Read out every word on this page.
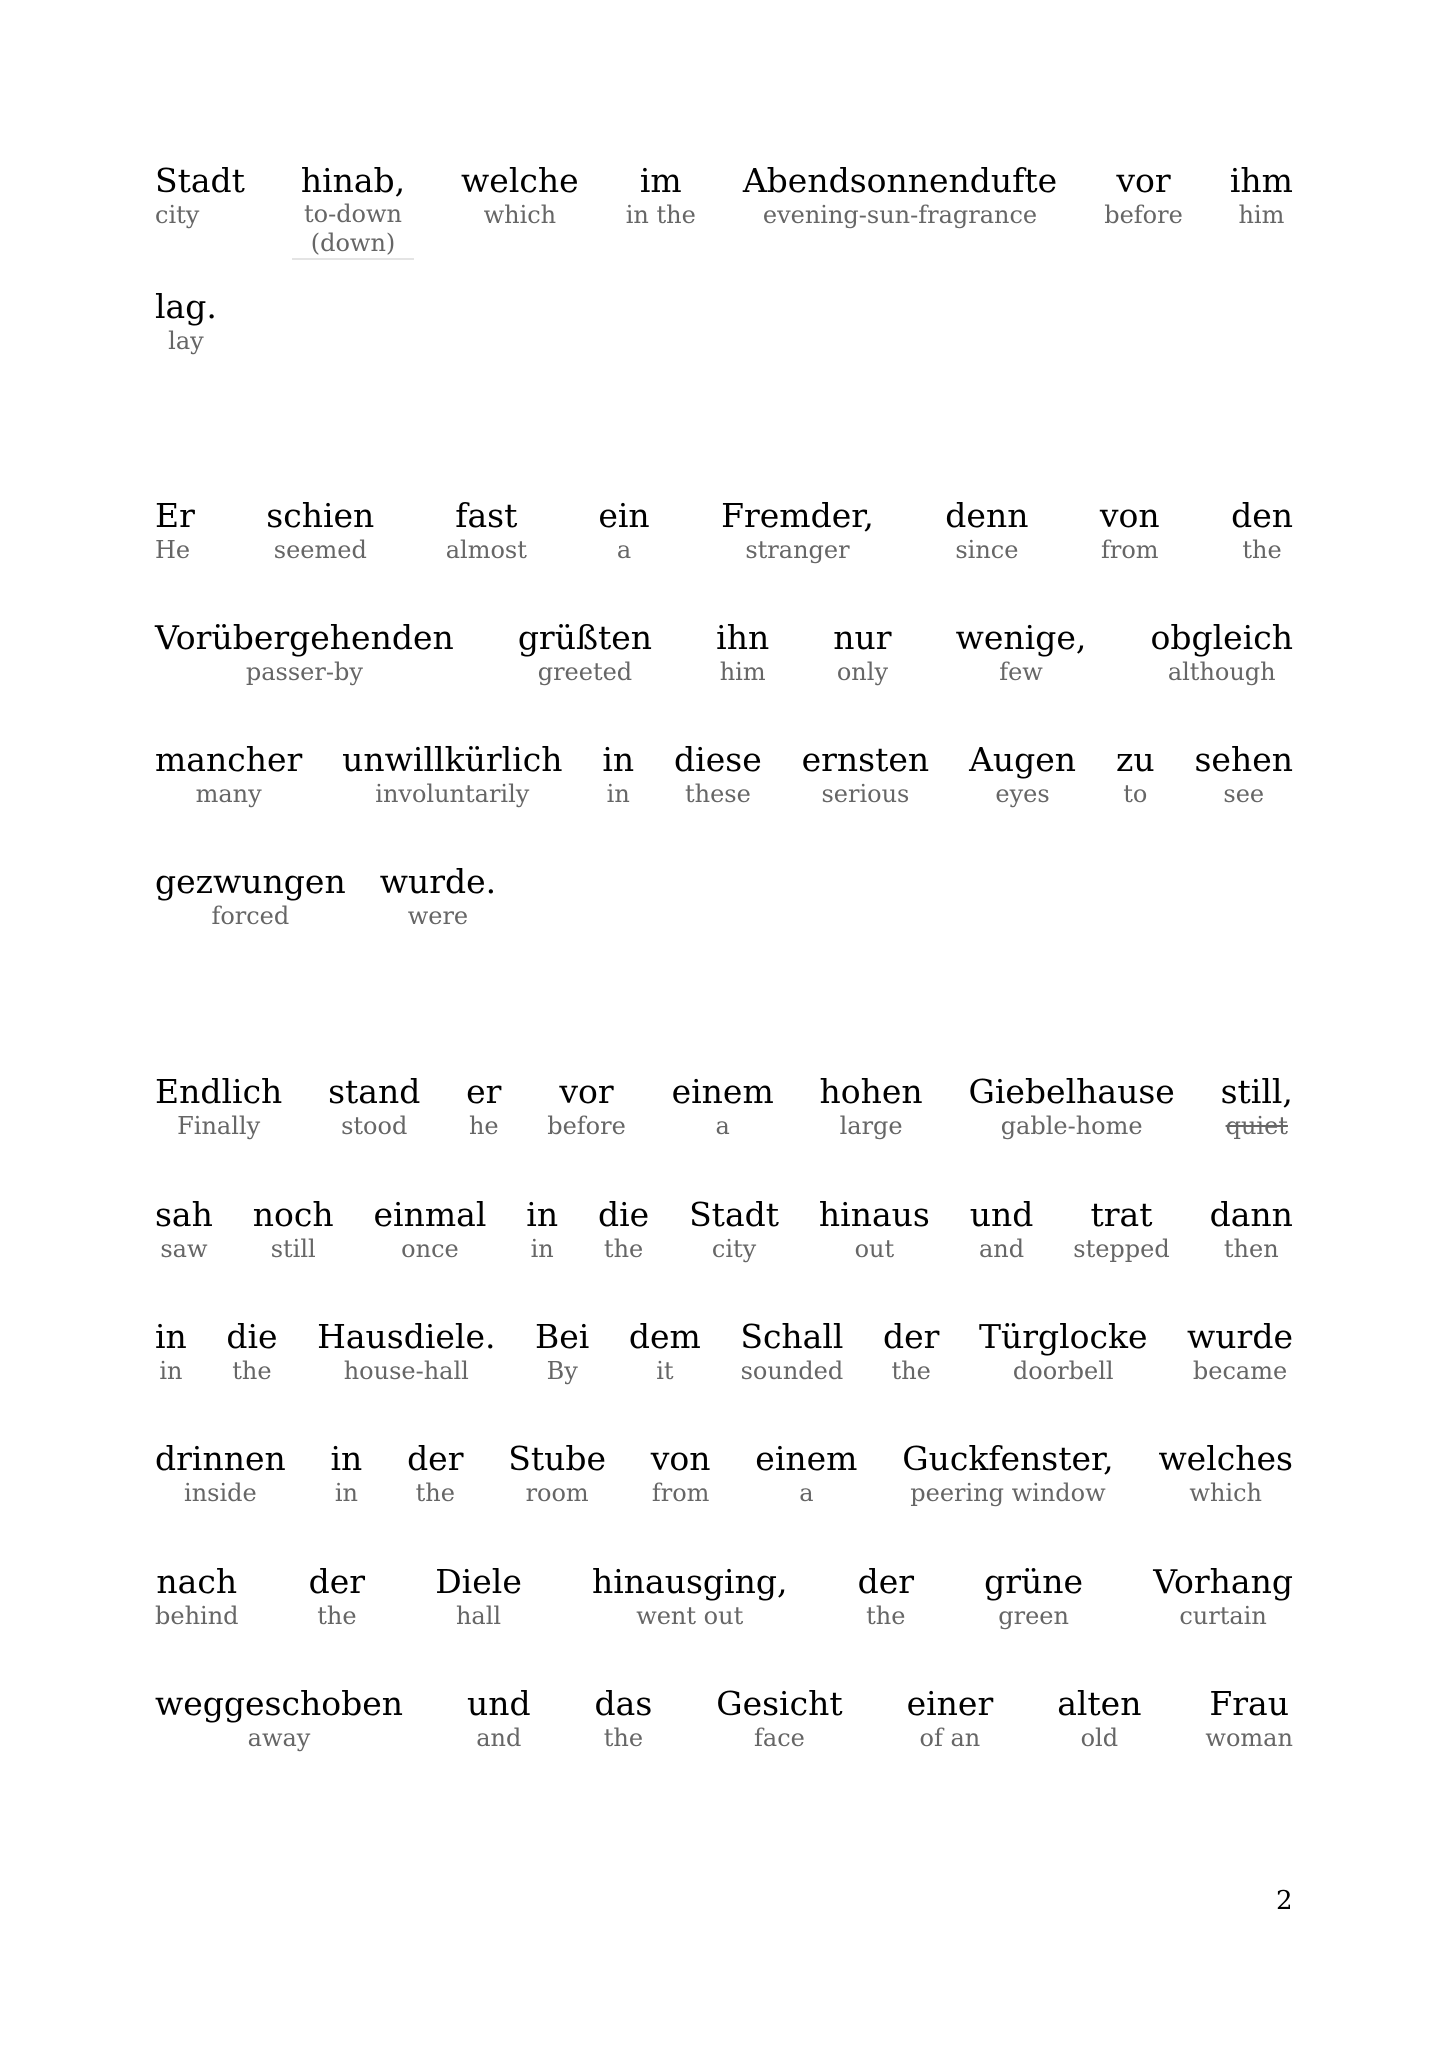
Stadt
city
hinab,
to-down
(down)
welche
which
im
in the
Abendsonnendufte
evening-sun-fragrance
vor
before
ihm
him
lag.
lay
Er
He
schien
seemed
fast
almost
ein
a
Fremder,
stranger
denn
since
von
from
den
the
Vorübergehenden
passer-by
grüßten
greeted
ihn
him
nur
only
wenige,
few
obgleich
although
mancher
many
unwillkürlich
involuntarily
in
in
diese
these
ernsten
serious
Augen
eyes
zu
to
sehen
see
gezwungen
forced
wurde.
were
Endlich
Finally
stand
stood
er
he
vor
before
einem
a
hohen
large
Giebelhause
gable-home
still,
quiet
sah
saw
noch
still
einmal
once
in
in
die
the
Stadt
city
hinaus
out
und
and
trat
stepped
dann
then
in
in
die
the
Hausdiele.
house-hall
Bei
By
dem
it
Schall
sounded
der
the
Türglocke
doorbell
wurde
became
drinnen
inside
in
in
der
the
Stube
room
von
from
einem
a
Guckfenster,
peering window
welches
which
nach
behind
der
the
Diele
hall
hinausging,
went out
der
the
grüne
green
Vorhang
curtain
weggeschoben
away
und
and
das
the
Gesicht
face
einer
of an
alten
old
Frau
woman
2
